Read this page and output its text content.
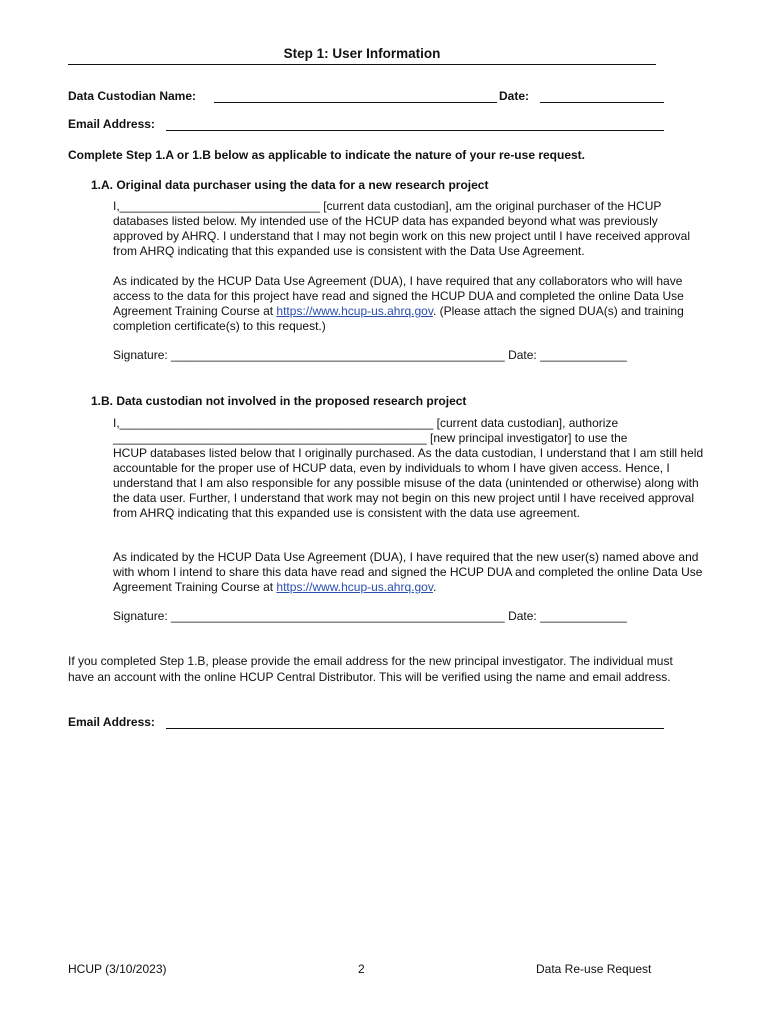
Step 1: User Information
Data Custodian Name:	Date:
Email Address:
Complete Step 1.A or 1.B below as applicable to indicate the nature of your re-use request.
1.A. Original data purchaser using the data for a new research project
I,______________________________ [current data custodian], am the original purchaser of the HCUP databases listed below. My intended use of the HCUP data has expanded beyond what was previously approved by AHRQ. I understand that I may not begin work on this new project until I have received approval from AHRQ indicating that this expanded use is consistent with the Data Use Agreement.
As indicated by the HCUP Data Use Agreement (DUA), I have required that any collaborators who will have access to the data for this project have read and signed the HCUP DUA and completed the online Data Use Agreement Training Course at https://www.hcup-us.ahrq.gov. (Please attach the signed DUA(s) and training completion certificate(s) to this request.)
Signature: __________________________________________________ Date: _____________
1.B. Data custodian not involved in the proposed research project
I,_______________________________________________ [current data custodian], authorize
_______________________________________________ [new principal investigator] to use the
HCUP databases listed below that I originally purchased. As the data custodian, I understand that I am still held accountable for the proper use of HCUP data, even by individuals to whom I have given access. Hence, I understand that I am also responsible for any possible misuse of the data (unintended or otherwise) along with the data user. Further, I understand that work may not begin on this new project until I have received approval from AHRQ indicating that this expanded use is consistent with the data use agreement.
As indicated by the HCUP Data Use Agreement (DUA), I have required that the new user(s) named above and with whom I intend to share this data have read and signed the HCUP DUA and completed the online Data Use Agreement Training Course at https://www.hcup-us.ahrq.gov.
Signature: __________________________________________________ Date: _____________
If you completed Step 1.B, please provide the email address for the new principal investigator. The individual must have an account with the online HCUP Central Distributor. This will be verified using the name and email address.
Email Address:
HCUP (3/10/2023)	2	Data Re-use Request
